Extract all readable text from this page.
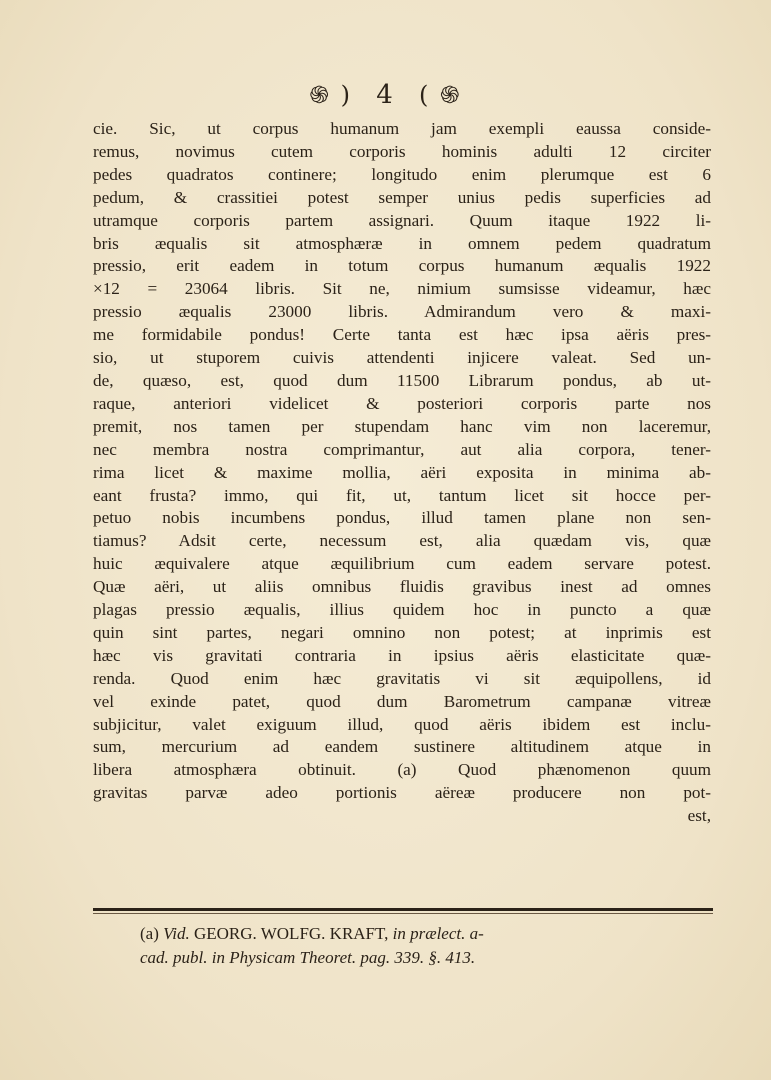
֍ ) 4 ( ֍
cie. Sic, ut corpus humanum jam exempli eaussa conside-
remus, novimus cutem corporis hominis adulti 12 circiter
pedes quadratos continere; longitudo enim plerumque est 6
pedum, & crassitiei potest semper unius pedis superficies ad
utramque corporis partem assignari. Quum itaque 1922 li-
bris æqualis sit atmosphæræ in omnem pedem quadratum
pressio, erit eadem in totum corpus humanum æqualis 1922
×12 = 23064 libris. Sit ne, nimium sumsisse videamur, hæc
pressio æqualis 23000 libris. Admirandum vero & maxi-
me formidabile pondus! Certe tanta est hæc ipsa aëris pres-
sio, ut stuporem cuivis attendenti injicere valeat. Sed un-
de, quæso, est, quod dum 11500 Librarum pondus, ab ut-
raque, anteriori videlicet & posteriori corporis parte nos
premit, nos tamen per stupendam hanc vim non laceremur,
nec membra nostra comprimantur, aut alia corpora, tener-
rima licet & maxime mollia, aëri exposita in minima ab-
eant frusta? immo, qui fit, ut, tantum licet sit hocce per-
petuo nobis incumbens pondus, illud tamen plane non sen-
tiamus? Adsit certe, necessum est, alia quædam vis, quæ
huic æquivalere atque æquilibrium cum eadem servare potest.
Quæ aëri, ut aliis omnibus fluidis gravibus inest ad omnes
plagas pressio æqualis, illius quidem hoc in puncto a quæ
quin sint partes, negari omnino non potest; at inprimis est
hæc vis gravitati contraria in ipsius aëris elasticitate quæ-
renda. Quod enim hæc gravitatis vi sit æquipollens, id
vel exinde patet, quod dum Barometrum campanæ vitreæ
subjicitur, valet exiguum illud, quod aëris ibidem est inclu-
sum, mercurium ad eandem sustinere altitudinem atque in
libera atmosphæra obtinuit. (a) Quod phænomenon quum
gravitas parvæ adeo portionis aëreæ producere non pot-
est,
(a) Vid. GEORG. WOLFG. KRAFT, in prælect. a-
cad. publ. in Physicam Theoret. pag. 339. §. 413.
